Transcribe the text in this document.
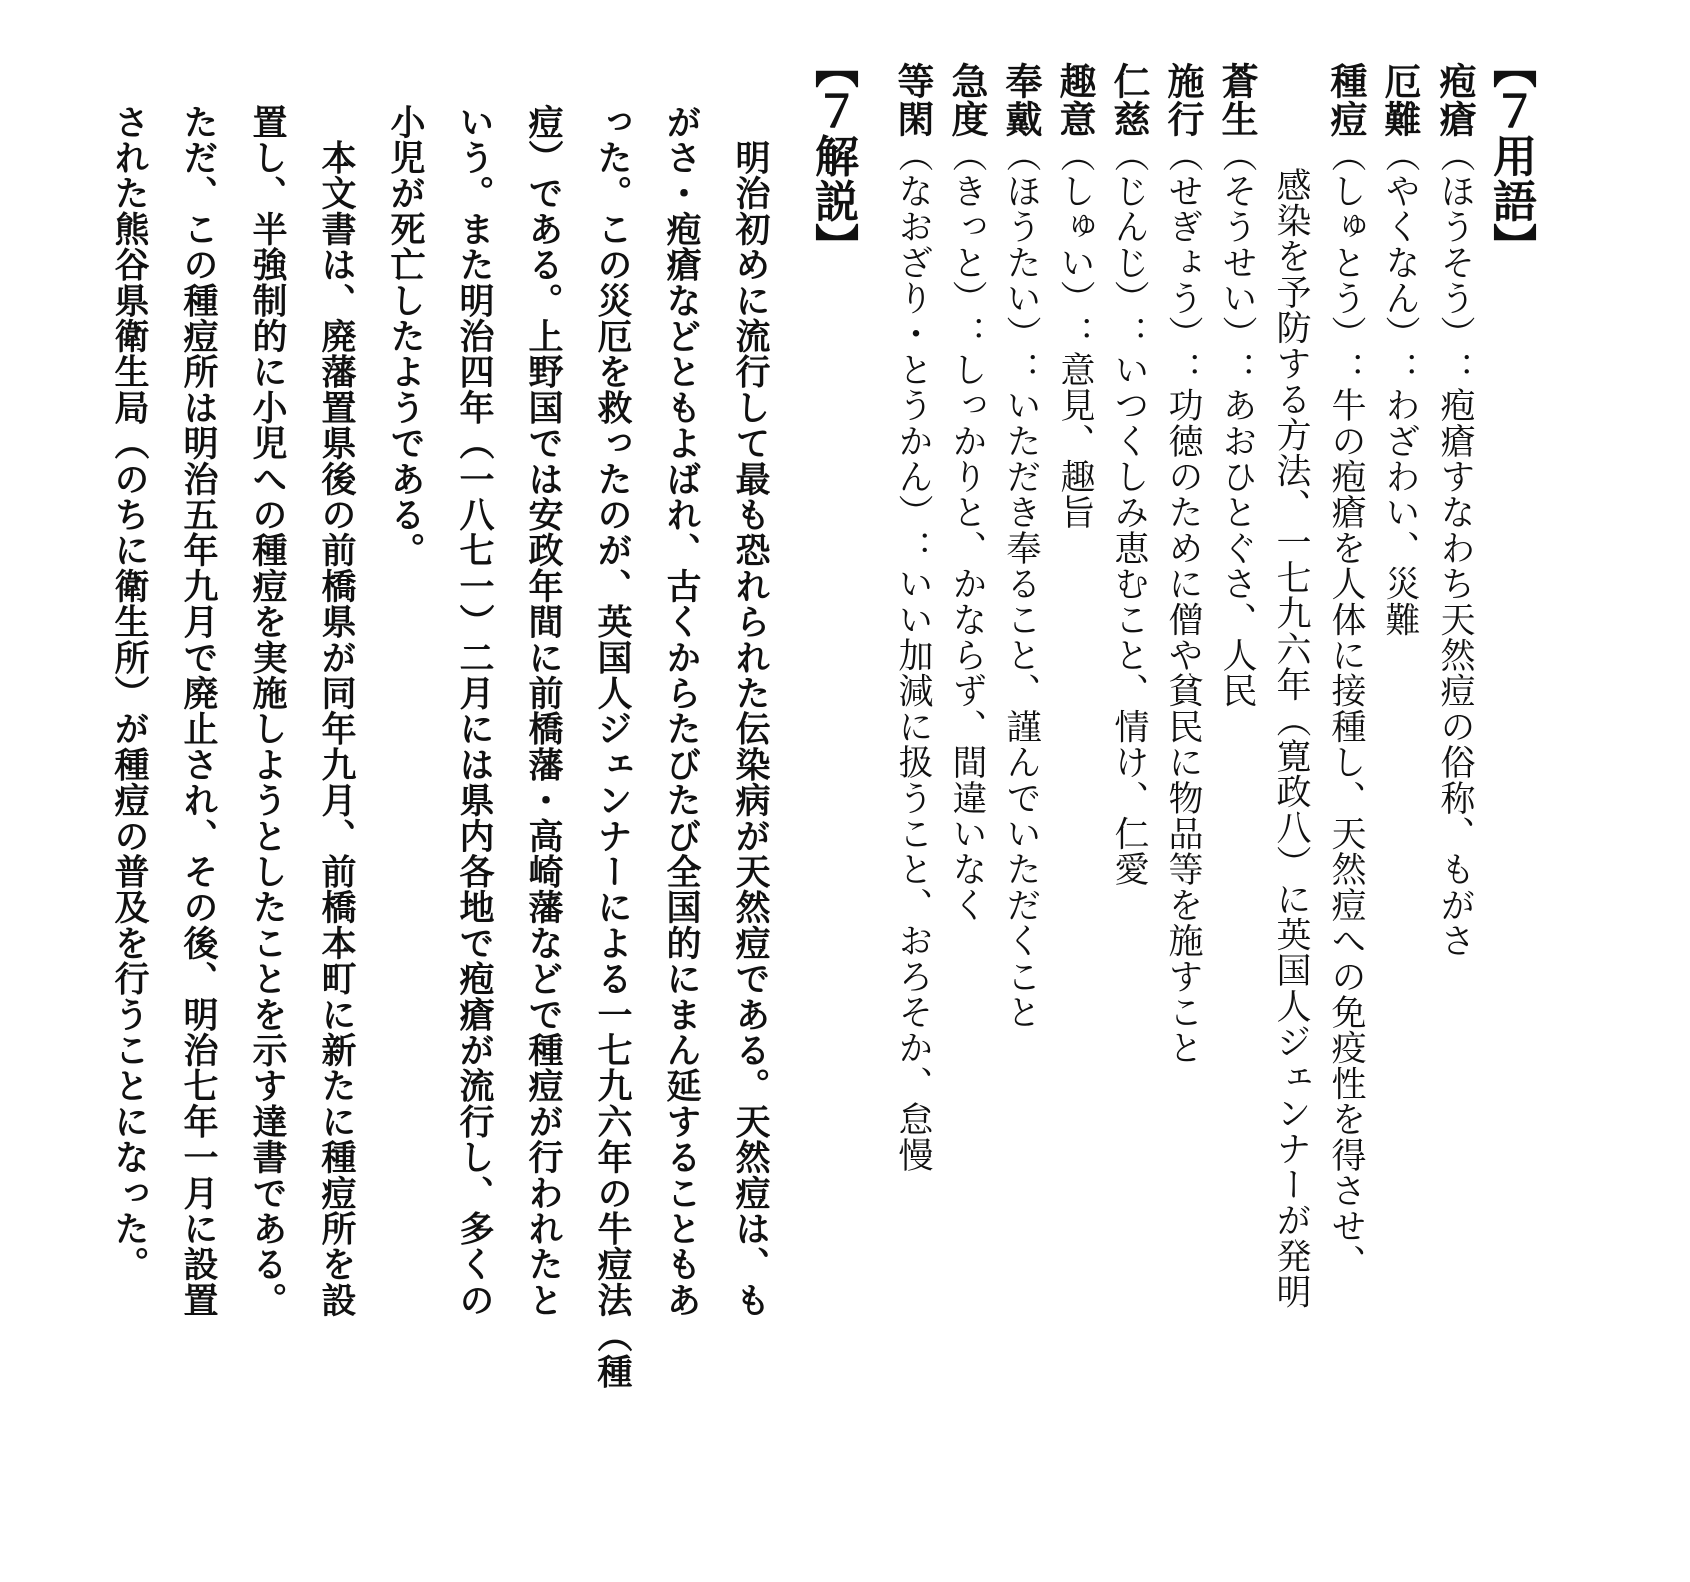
【７用語】
疱瘡（ほうそう）：疱瘡すなわち天然痘の俗称、もがさ
厄難（やくなん）：わざわい、災難
種痘（しゅとう）：牛の疱瘡を人体に接種し、天然痘への免疫性を得させ、
感染を予防する方法、一七九六年（寛政八）に英国人ジェンナーが発明
蒼生（そうせい）：あおひとぐさ、人民
施行（せぎょう）：功徳のために僧や貧民に物品等を施すこと
仁慈（じんじ）：いつくしみ恵むこと、情け、仁愛
趣意（しゅい）：意見、趣旨
奉戴（ほうたい）：いただき奉ること、謹んでいただくこと
急度（きっと）：しっかりと、かならず、間違いなく
等閑（なおざり・とうかん）：いい加減に扱うこと、おろそか、怠慢
【７解説】
　明治初めに流行して最も恐れられた伝染病が天然痘である。天然痘は、も
がさ・疱瘡などともよばれ、古くからたびたび全国的にまん延することもあ
った。この災厄を救ったのが、英国人ジェンナーによる一七九六年の牛痘法（種
痘）である。上野国では安政年間に前橋藩・高崎藩などで種痘が行われたと
いう。また明治四年（一八七一）二月には県内各地で疱瘡が流行し、多くの
小児が死亡したようである。
　本文書は、廃藩置県後の前橋県が同年九月、前橋本町に新たに種痘所を設
置し、半強制的に小児への種痘を実施しようとしたことを示す達書である。
ただ、この種痘所は明治五年九月で廃止され、その後、明治七年一月に設置
された熊谷県衛生局（のちに衛生所）が種痘の普及を行うことになった。
